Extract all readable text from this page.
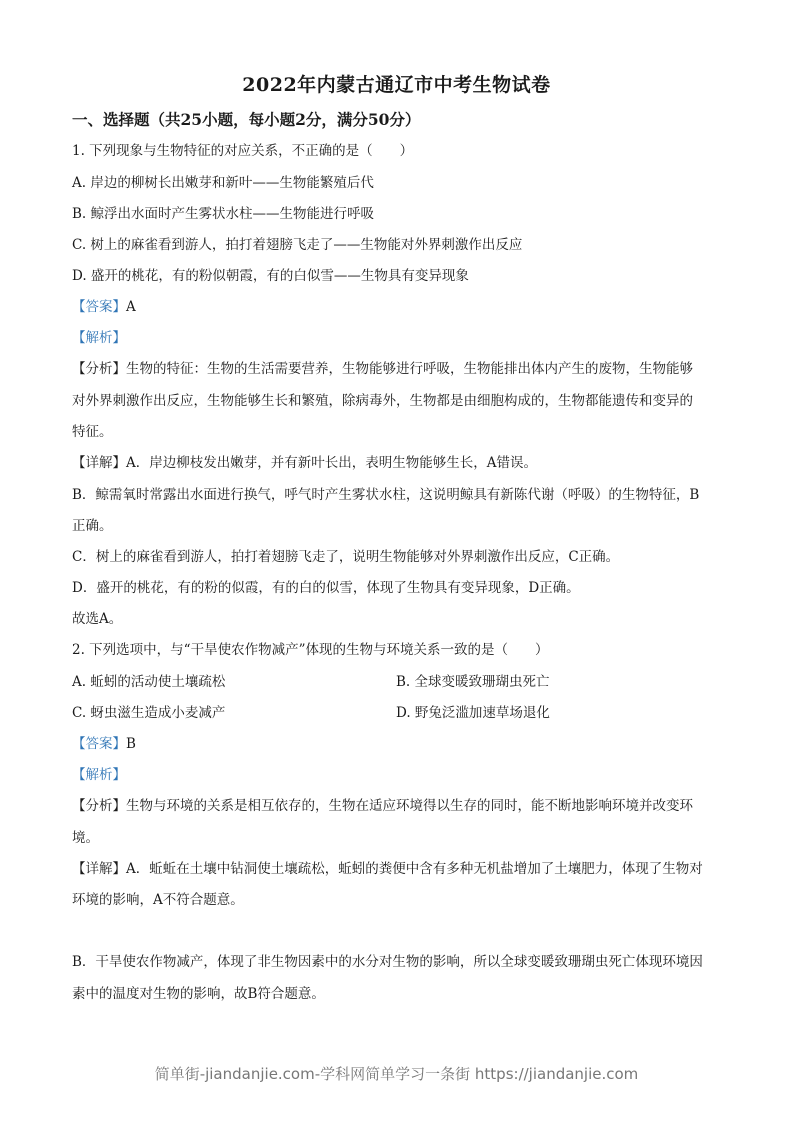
2022年内蒙古通辽市中考生物试卷
一、选择题（共25小题，每小题2分，满分50分）
1. 下列现象与生物特征的对应关系，不正确的是（　　）
A. 岸边的柳树长出嫩芽和新叶——生物能繁殖后代
B. 鲸浮出水面时产生雾状水柱——生物能进行呼吸
C. 树上的麻雀看到游人，拍打着翅膀飞走了——生物能对外界刺激作出反应
D. 盛开的桃花，有的粉似朝霞，有的白似雪——生物具有变异现象
【答案】A
【解析】
【分析】生物的特征：生物的生活需要营养，生物能够进行呼吸，生物能排出体内产生的废物，生物能够
对外界刺激作出反应，生物能够生长和繁殖，除病毒外，生物都是由细胞构成的，生物都能遗传和变异的
特征。
【详解】A．岸边柳枝发出嫩芽，并有新叶长出，表明生物能够生长，A错误。
B．鲸需氧时常露出水面进行换气，呼气时产生雾状水柱，这说明鲸具有新陈代谢（呼吸）的生物特征，B
正确。
C．树上的麻雀看到游人，拍打着翅膀飞走了，说明生物能够对外界刺激作出反应，C正确。
D．盛开的桃花，有的粉的似霞，有的白的似雪，体现了生物具有变异现象，D正确。
故选A。
2. 下列选项中，与“干旱使农作物减产”体现的生物与环境关系一致的是（　　）
A. 蚯蚓的活动使土壤疏松	B. 全球变暖致珊瑚虫死亡
C. 蚜虫滋生造成小麦减产	D. 野兔泛滥加速草场退化
【答案】B
【解析】
【分析】生物与环境的关系是相互依存的，生物在适应环境得以生存的同时，能不断地影响环境并改变环
境。
【详解】A．蚯蚯在土壤中钻洞使土壤疏松，蚯蚓的粪便中含有多种无机盐增加了土壤肥力，体现了生物对
环境的影响，A不符合题意。
B．干旱使农作物减产，体现了非生物因素中的水分对生物的影响，所以全球变暖致珊瑚虫死亡体现环境因
素中的温度对生物的影响，故B符合题意。
简单街-jiandanjie.com-学科网简单学习一条街 https://jiandanjie.com
